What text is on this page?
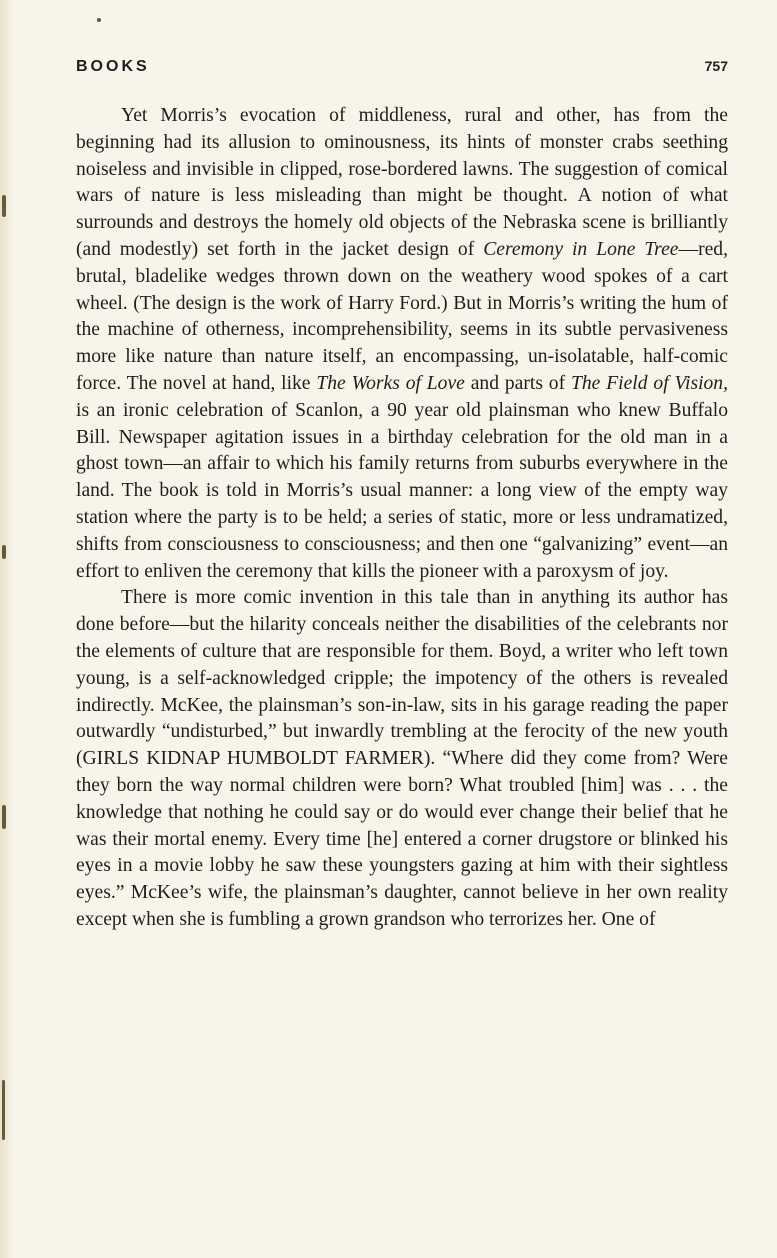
BOOKS	757

Yet Morris’s evocation of middleness, rural and other, has from the beginning had its allusion to ominousness, its hints of monster crabs seething noiseless and invisible in clipped, rose-bordered lawns. The suggestion of comical wars of nature is less misleading than might be thought. A notion of what surrounds and destroys the homely old objects of the Nebraska scene is brilliantly (and modestly) set forth in the jacket design of Ceremony in Lone Tree—red, brutal, bladelike wedges thrown down on the weathery wood spokes of a cart wheel. (The design is the work of Harry Ford.) But in Morris’s writing the hum of the machine of otherness, incomprehensibility, seems in its subtle pervasiveness more like nature than nature itself, an encompassing, un-isolatable, half-comic force. The novel at hand, like The Works of Love and parts of The Field of Vision, is an ironic celebration of Scanlon, a 90 year old plainsman who knew Buffalo Bill. Newspaper agitation issues in a birthday celebration for the old man in a ghost town—an affair to which his family returns from suburbs everywhere in the land. The book is told in Morris’s usual manner: a long view of the empty way station where the party is to be held; a series of static, more or less undramatized, shifts from consciousness to consciousness; and then one “galvanizing” event—an effort to enliven the ceremony that kills the pioneer with a paroxysm of joy.

There is more comic invention in this tale than in anything its author has done before—but the hilarity conceals neither the disabilities of the celebrants nor the elements of culture that are responsible for them. Boyd, a writer who left town young, is a self-acknowledged cripple; the impotency of the others is revealed indirectly. McKee, the plainsman’s son-in-law, sits in his garage reading the paper outwardly “undisturbed,” but inwardly trembling at the ferocity of the new youth (GIRLS KIDNAP HUMBOLDT FARMER). “Where did they come from? Were they born the way normal children were born? What troubled [him] was . . . the knowledge that nothing he could say or do would ever change their belief that he was their mortal enemy. Every time [he] entered a corner drugstore or blinked his eyes in a movie lobby he saw these youngsters gazing at him with their sightless eyes.” McKee’s wife, the plainsman’s daughter, cannot believe in her own reality except when she is fumbling a grown grandson who terrorizes her. One of
